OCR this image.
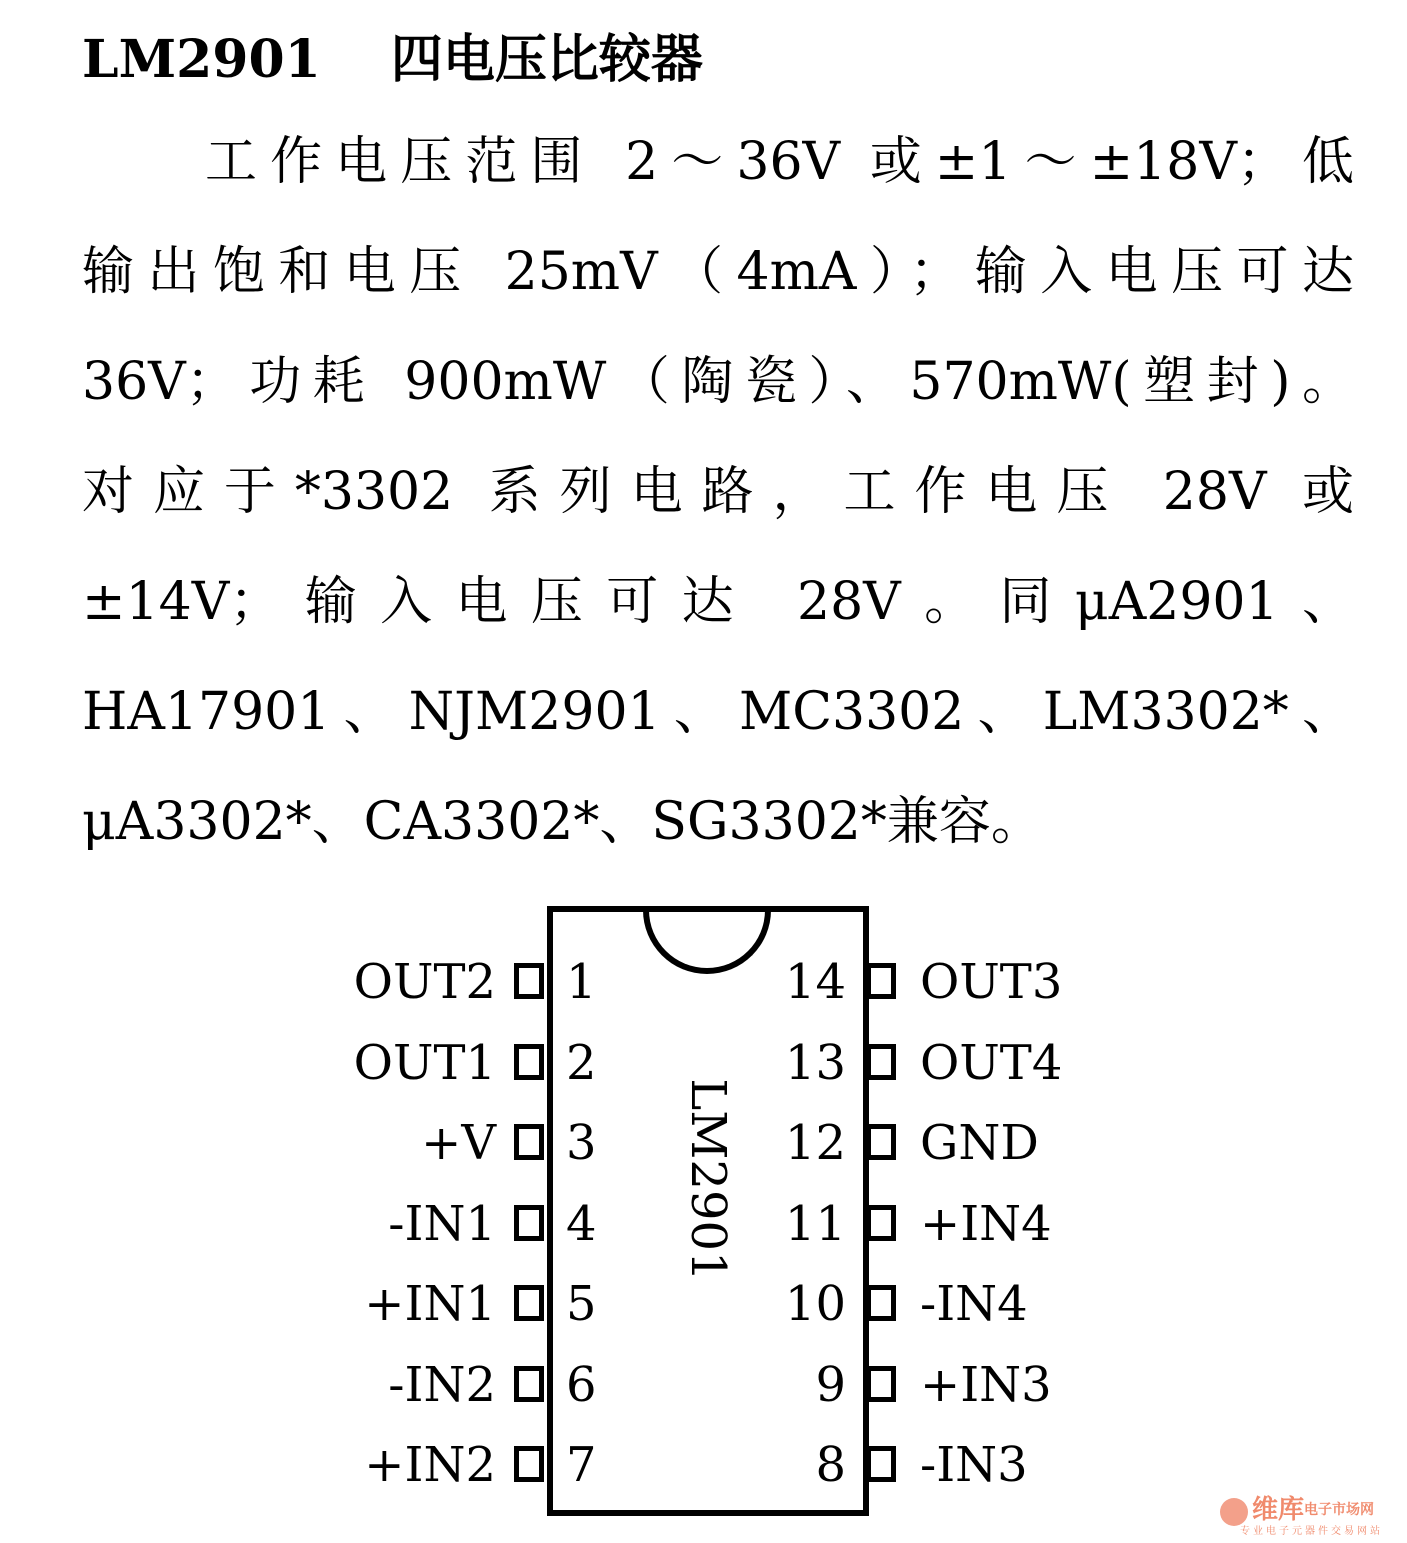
LM2901 四电压比较器
工作电压范围 2～36V 或±1～±18V；低
输出饱和电压 25mV（4mA）；输入电压可达
36V；功耗 900mW（陶瓷）、570mW(塑封)。
对应于*3302 系列电路，工作电压 28V 或
±14V；输入电压可达 28V。同μA2901、
HA17901、NJM2901、MC3302、LM3302*、
μA3302*、CA3302*、SG3302*兼容。
LM2901
1
OUT2
2
OUT1
3
+V
4
-IN1
5
+IN1
6
-IN2
7
+IN2
14 OUT3
13 OUT4
12 GND
11 +IN4
10 -IN4
9 +IN3
8 -IN3
维库$^{电子市场网}$
专业电子元器件交易网站
